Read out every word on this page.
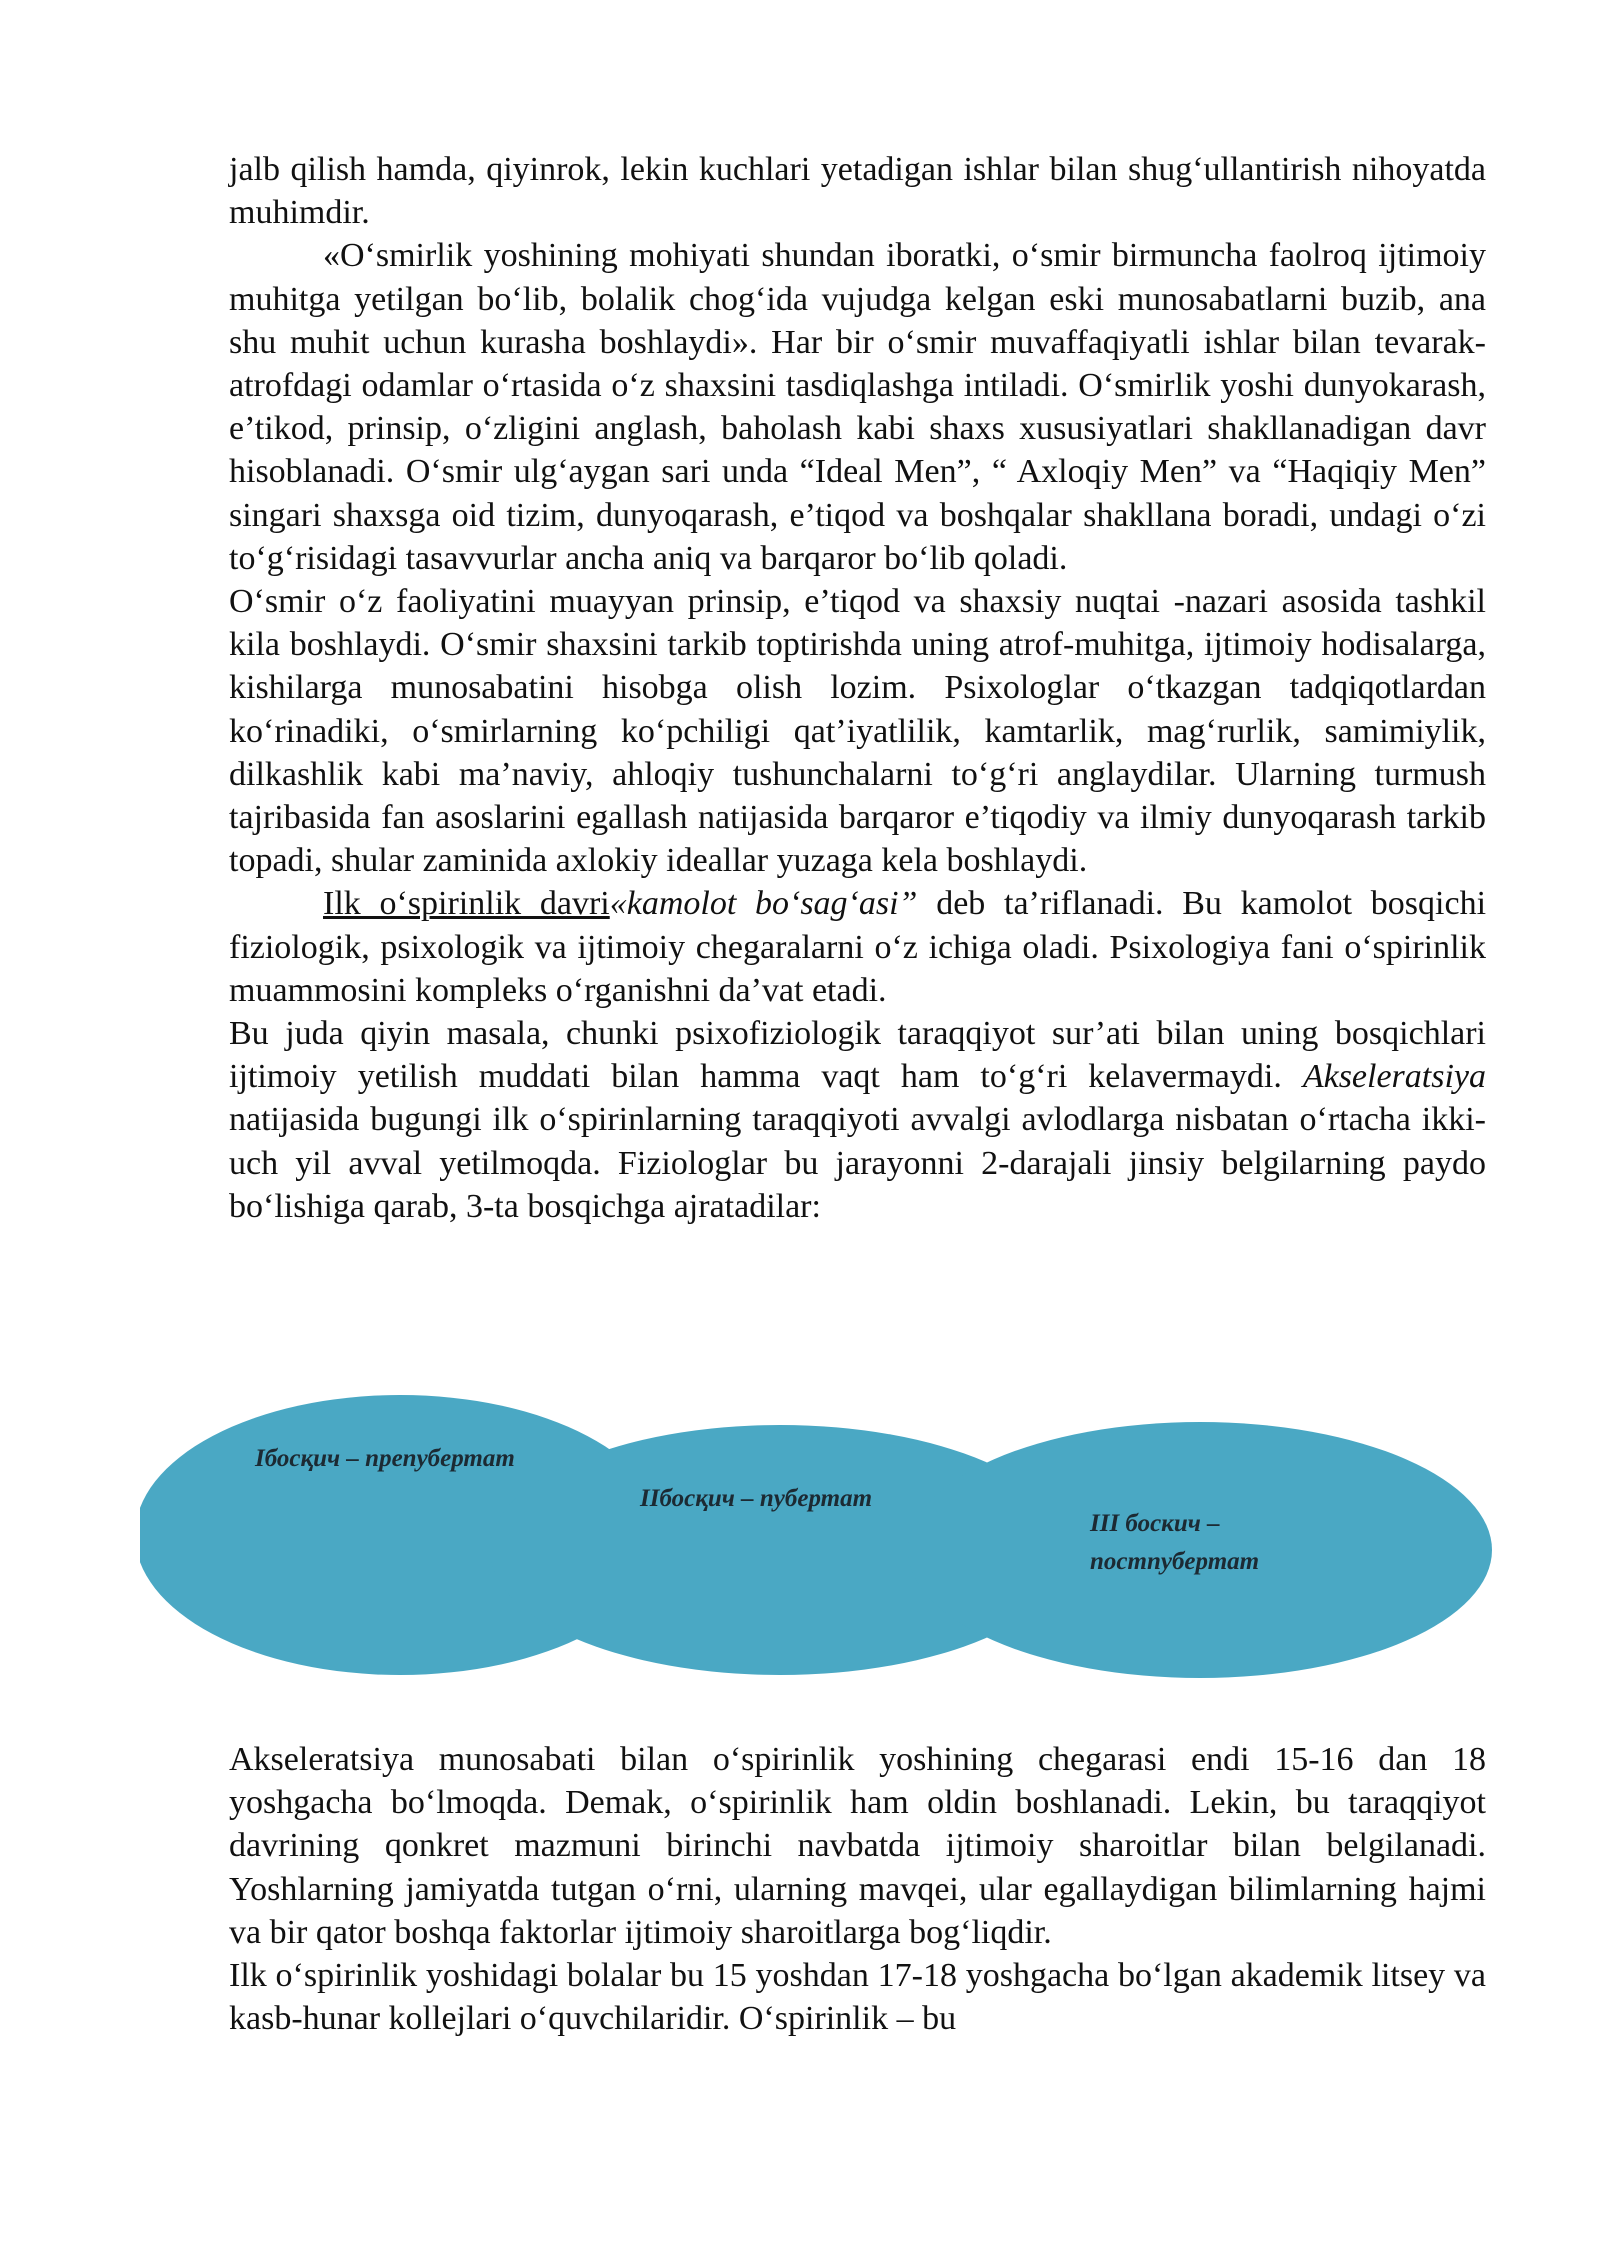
jalb qilish hamda, qiyinrok, lekin kuchlari yetadigan ishlar bilan shug‘ullantirish nihoyatda muhimdir.

«O‘smirlik yoshining mohiyati shundan iboratki, o‘smir birmuncha faolroq ijtimoiy muhitga yetilgan bo‘lib, bolalik chog‘ida vujudga kelgan eski munosabatlarni buzib, ana shu muhit uchun kurasha boshlaydi». Har bir o‘smir muvaffaqiyatli ishlar bilan tevarak-atrofdagi odamlar o‘rtasida o‘z shaxsini tasdiqlashga intiladi. O‘smirlik yoshi dunyokarash, e’tikod, prinsip, o‘zligini anglash, baholash kabi shaxs xususiyatlari shakllanadigan davr hisoblanadi. O‘smir ulg‘aygan sari unda “Ideal Men”, “ Axloqiy Men” va “Haqiqiy Men” singari shaxsga oid tizim, dunyoqarash, e’tiqod va boshqalar shakllana boradi, undagi o‘zi to‘g‘risidagi tasavvurlar ancha aniq va barqaror bo‘lib qoladi.

O‘smir o‘z faoliyatini muayyan prinsip, e’tiqod va shaxsiy nuqtai -nazari asosida tashkil kila boshlaydi. O‘smir shaxsini tarkib toptirishda uning atrof-muhitga, ijtimoiy hodisalarga, kishilarga munosabatini hisobga olish lozim. Psixologlar o‘tkazgan tadqiqotlardan ko‘rinadiki, o‘smirlarning ko‘pchiligi qat’iyatlilik, kamtarlik, mag‘rurlik, samimiylik, dilkashlik kabi ma’naviy, ahloqiy tushunchalarni to‘g‘ri anglaydilar. Ularning turmush tajribasida fan asoslarini egallash natijasida barqaror e’tiqodiy va ilmiy dunyoqarash tarkib topadi, shular zaminida axlokiy ideallar yuzaga kela boshlaydi.

Ilk o‘spirinlik davri«kamolot bo‘sag‘asi” deb ta’riflanadi. Bu kamolot bosqichi fiziologik, psixologik va ijtimoiy chegaralarni o‘z ichiga oladi. Psixologiya fani o‘spirinlik muammosini kompleks o‘rganishni da’vat etadi.

Bu juda qiyin masala, chunki psixofiziologik taraqqiyot sur’ati bilan uning bosqichlari ijtimoiy yetilish muddati bilan hamma vaqt ham to‘g‘ri kelavermaydi. Akseleratsiya natijasida bugungi ilk o‘spirinlarning taraqqiyoti avvalgi avlodlarga nisbatan o‘rtacha ikki-uch yil avval yetilmoqda. Fiziologlar bu jarayonni 2-darajali jinsiy belgilarning paydo bo‘lishiga qarab, 3-ta bosqichga ajratadilar:

Iбосқич – препубертат

IIбосқич – пубертат

III боскич – постпубертат

Akseleratsiya munosabati bilan o‘spirinlik yoshining chegarasi endi 15-16 dan 18 yoshgacha bo‘lmoqda. Demak, o‘spirinlik ham oldin boshlanadi. Lekin, bu taraqqiyot davrining qonkret mazmuni birinchi navbatda ijtimoiy sharoitlar bilan belgilanadi. Yoshlarning jamiyatda tutgan o‘rni, ularning mavqei, ular egallaydigan bilimlarning hajmi va bir qator boshqa faktorlar ijtimoiy sharoitlarga bog‘liqdir.

Ilk o‘spirinlik yoshidagi bolalar bu 15 yoshdan 17-18 yoshgacha bo‘lgan akademik litsey va kasb-hunar kollejlari o‘quvchilaridir. O‘spirinlik – bu
